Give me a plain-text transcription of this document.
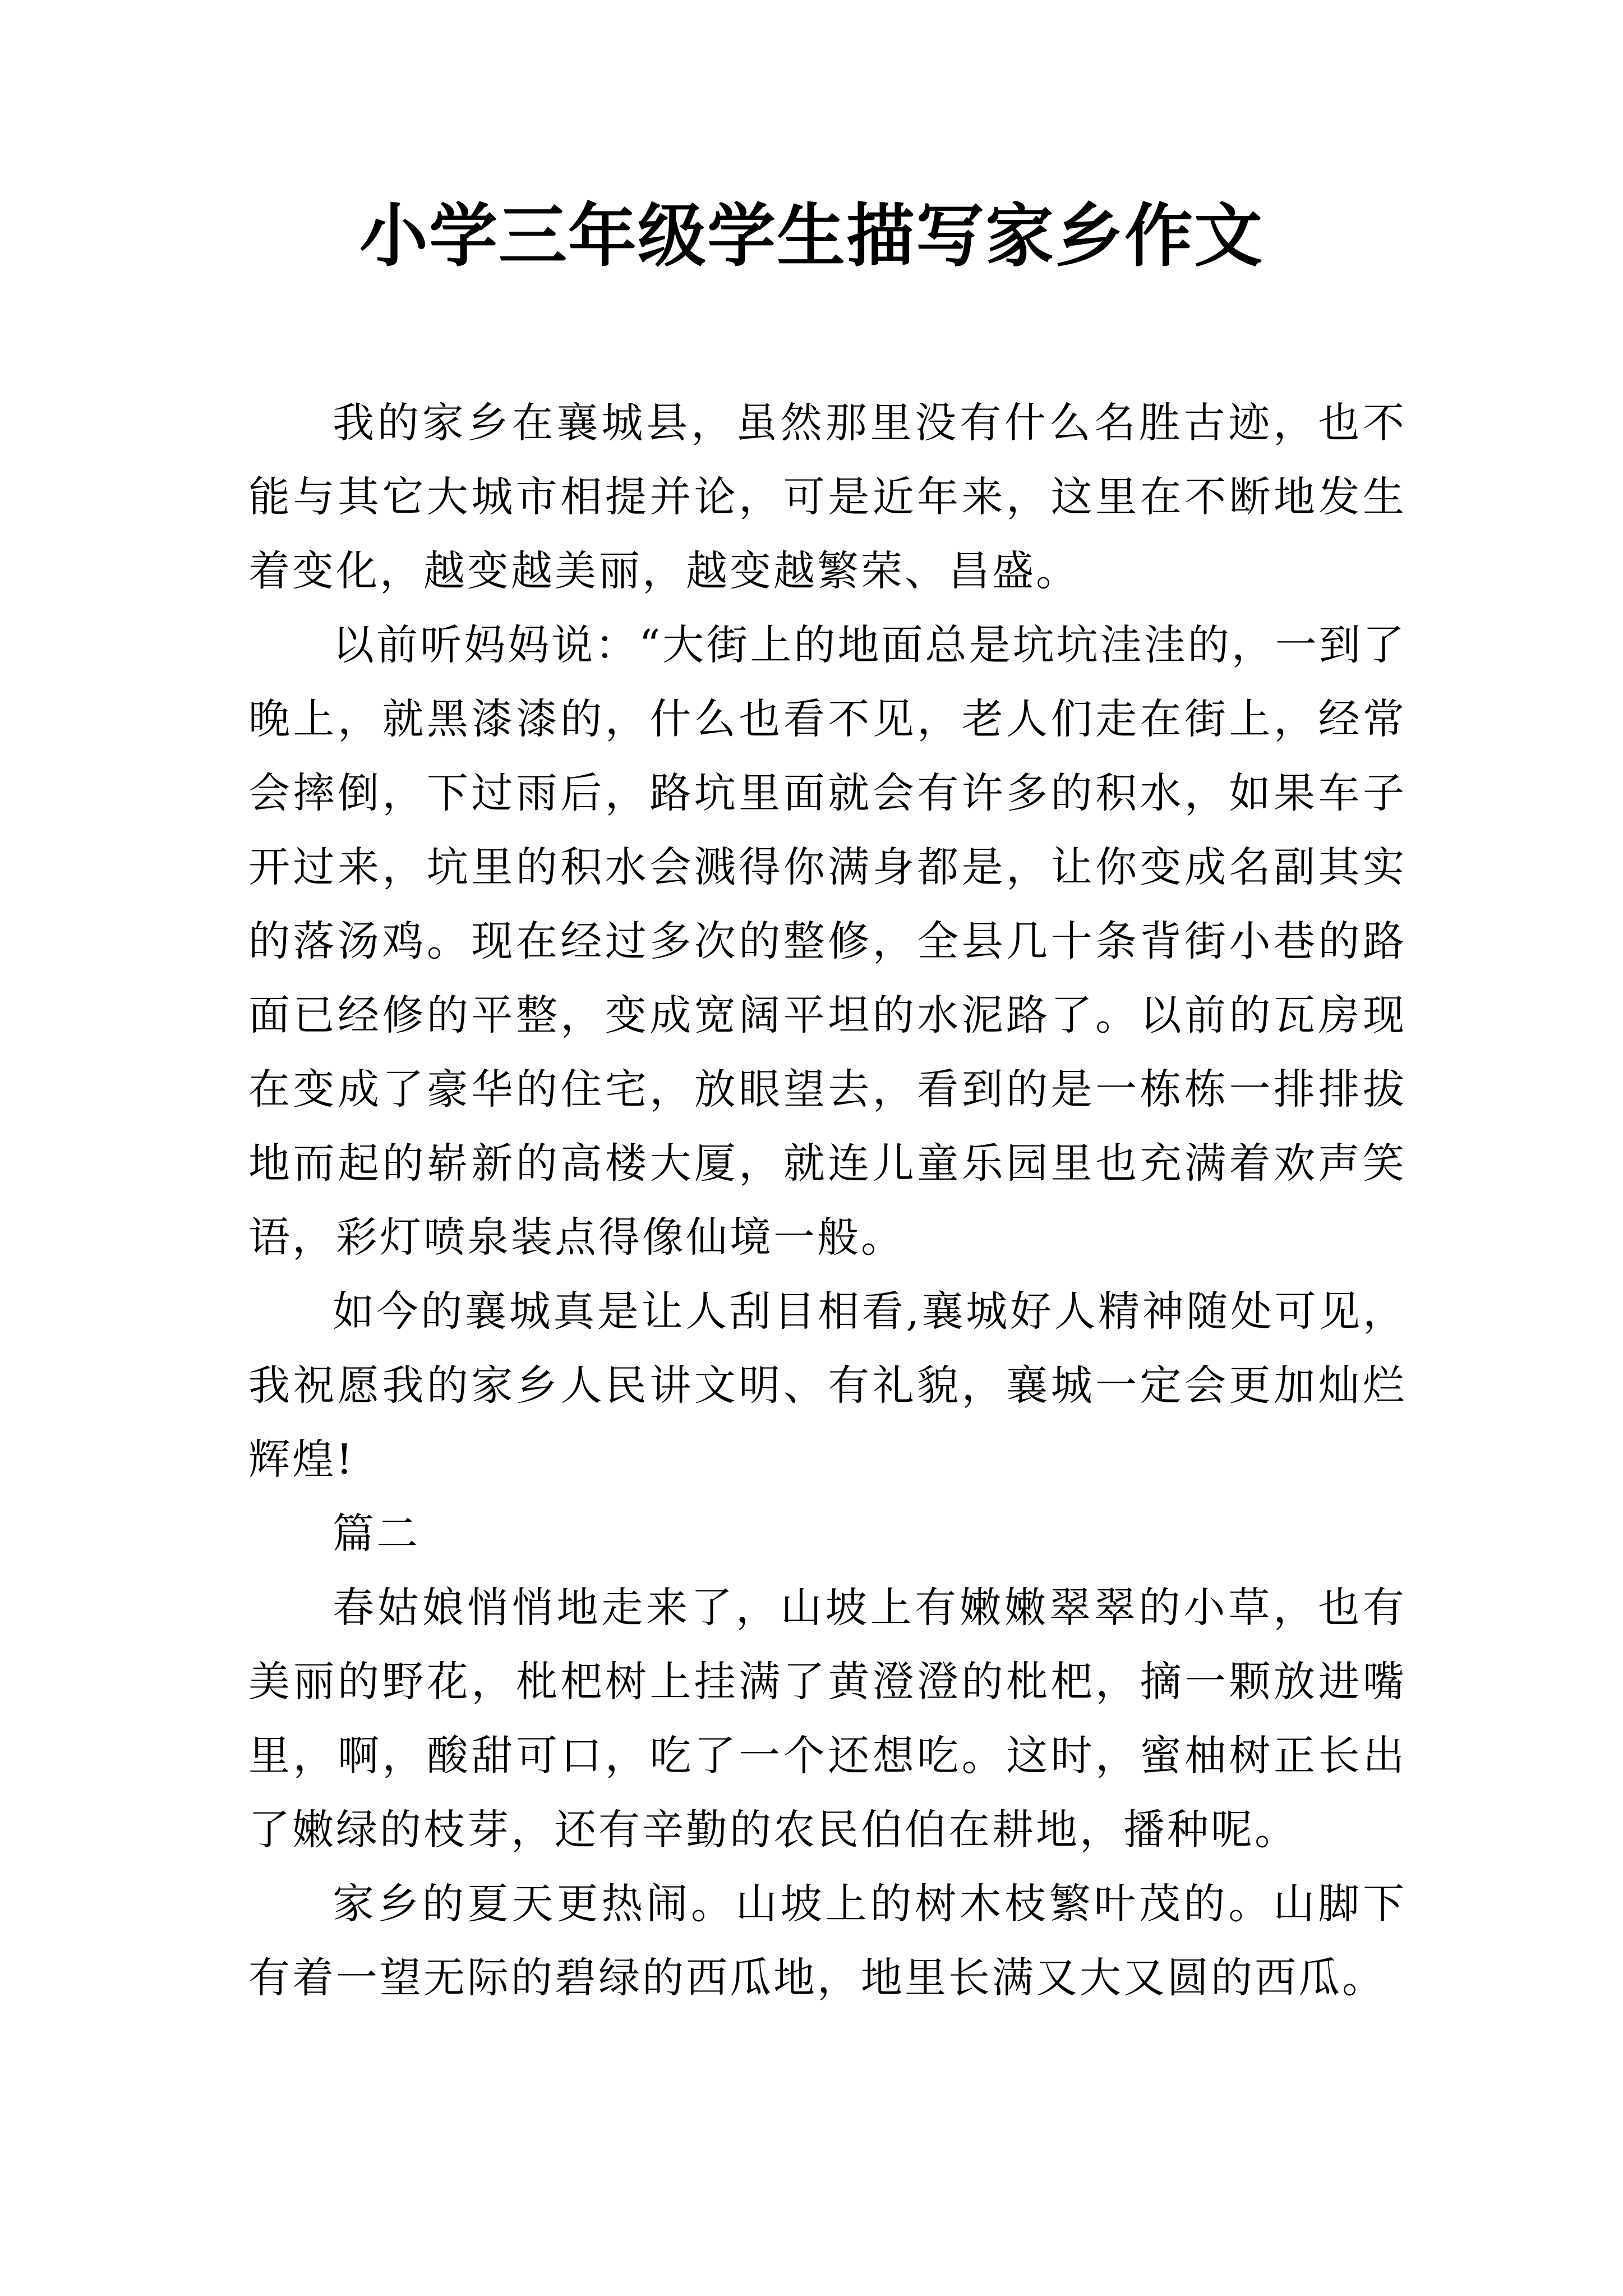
小学三年级学生描写家乡作文

我的家乡在襄城县，虽然那里没有什么名胜古迹，也不能与其它大城市相提并论，可是近年来，这里在不断地发生着变化，越变越美丽，越变越繁荣、昌盛。

以前听妈妈说：“大街上的地面总是坑坑洼洼的，一到了晚上，就黑漆漆的，什么也看不见，老人们走在街上，经常会摔倒，下过雨后，路坑里面就会有许多的积水，如果车子开过来，坑里的积水会溅得你满身都是，让你变成名副其实的落汤鸡。现在经过多次的整修，全县几十条背街小巷的路面已经修的平整，变成宽阔平坦的水泥路了。以前的瓦房现在变成了豪华的住宅，放眼望去，看到的是一栋栋一排排拔地而起的崭新的高楼大厦，就连儿童乐园里也充满着欢声笑语，彩灯喷泉装点得像仙境一般。

如今的襄城真是让人刮目相看,襄城好人精神随处可见，我祝愿我的家乡人民讲文明、有礼貌，襄城一定会更加灿烂辉煌!

篇二

春姑娘悄悄地走来了，山坡上有嫩嫩翠翠的小草，也有美丽的野花，枇杷树上挂满了黄澄澄的枇杷，摘一颗放进嘴里，啊，酸甜可口，吃了一个还想吃。这时，蜜柚树正长出了嫩绿的枝芽，还有辛勤的农民伯伯在耕地，播种呢。

家乡的夏天更热闹。山坡上的树木枝繁叶茂的。山脚下有着一望无际的碧绿的西瓜地，地里长满又大又圆的西瓜。
